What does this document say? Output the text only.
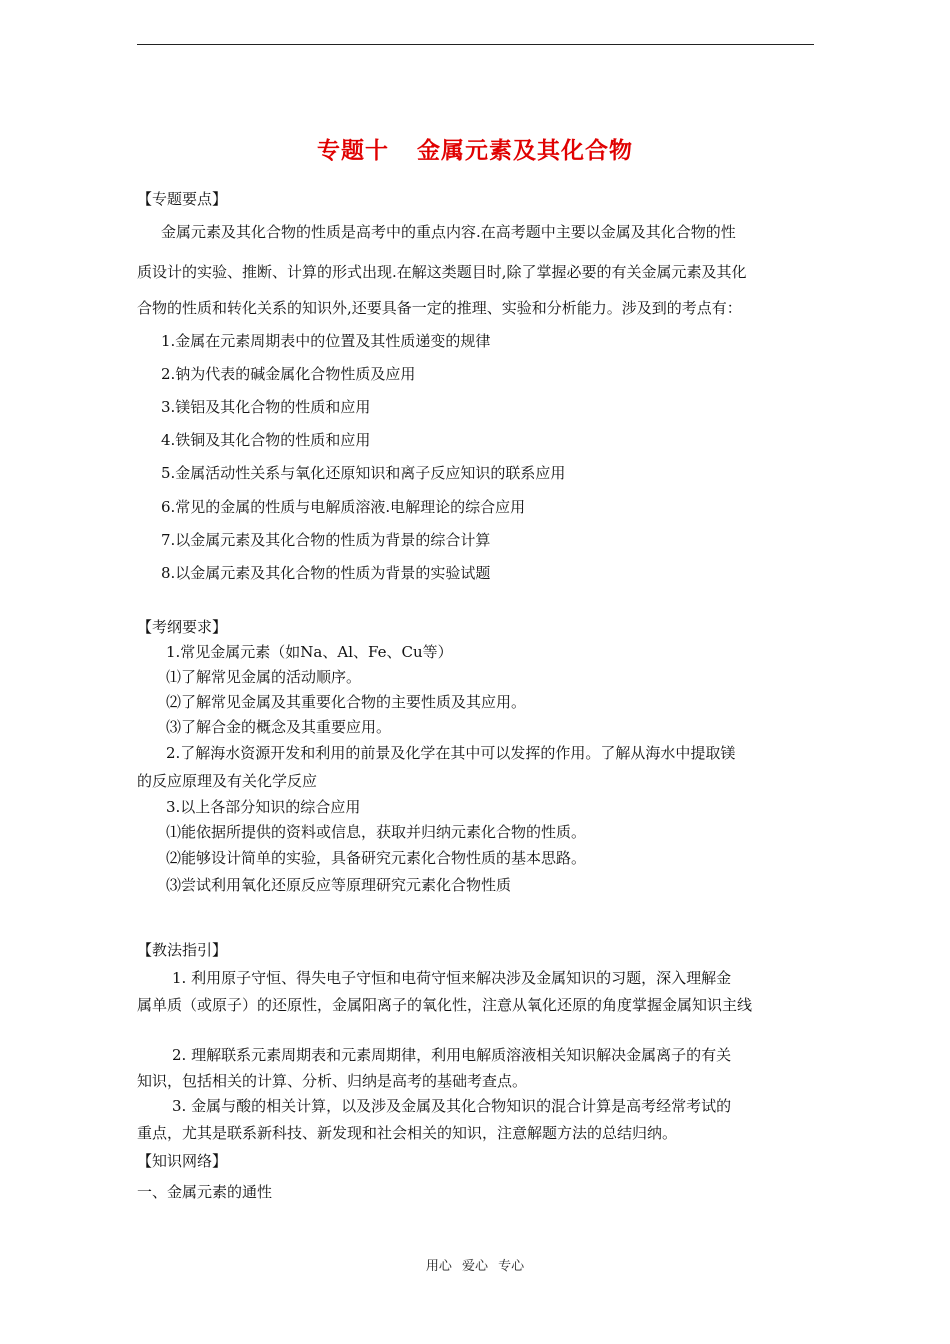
专题十 金属元素及其化合物
【专题要点】
金属元素及其化合物的性质是高考中的重点内容.在高考题中主要以金属及其化合物的性
质设计的实验、推断、计算的形式出现.在解这类题目时,除了掌握必要的有关金属元素及其化
合物的性质和转化关系的知识外,还要具备一定的推理、实验和分析能力。涉及到的考点有：
1.金属在元素周期表中的位置及其性质递变的规律
2.钠为代表的碱金属化合物性质及应用
3.镁铝及其化合物的性质和应用
4.铁铜及其化合物的性质和应用
5.金属活动性关系与氧化还原知识和离子反应知识的联系应用
6.常见的金属的性质与电解质溶液.电解理论的综合应用
7.以金属元素及其化合物的性质为背景的综合计算
8.以金属元素及其化合物的性质为背景的实验试题
【考纲要求】
1.常见金属元素（如Na、Al、Fe、Cu等）
⑴了解常见金属的活动顺序。
⑵了解常见金属及其重要化合物的主要性质及其应用。
⑶了解合金的概念及其重要应用。
2.了解海水资源开发和利用的前景及化学在其中可以发挥的作用。了解从海水中提取镁
的反应原理及有关化学反应
3.以上各部分知识的综合应用
⑴能依据所提供的资料或信息，获取并归纳元素化合物的性质。
⑵能够设计简单的实验，具备研究元素化合物性质的基本思路。
⑶尝试利用氧化还原反应等原理研究元素化合物性质
【教法指引】
1. 利用原子守恒、得失电子守恒和电荷守恒来解决涉及金属知识的习题，深入理解金
属单质（或原子）的还原性，金属阳离子的氧化性，注意从氧化还原的角度掌握金属知识主线
2. 理解联系元素周期表和元素周期律，利用电解质溶液相关知识解决金属离子的有关
知识，包括相关的计算、分析、归纳是高考的基础考查点。
3. 金属与酸的相关计算，以及涉及金属及其化合物知识的混合计算是高考经常考试的
重点，尤其是联系新科技、新发现和社会相关的知识，注意解题方法的总结归纳。
【知识网络】
一、金属元素的通性
用心 爱心 专心
